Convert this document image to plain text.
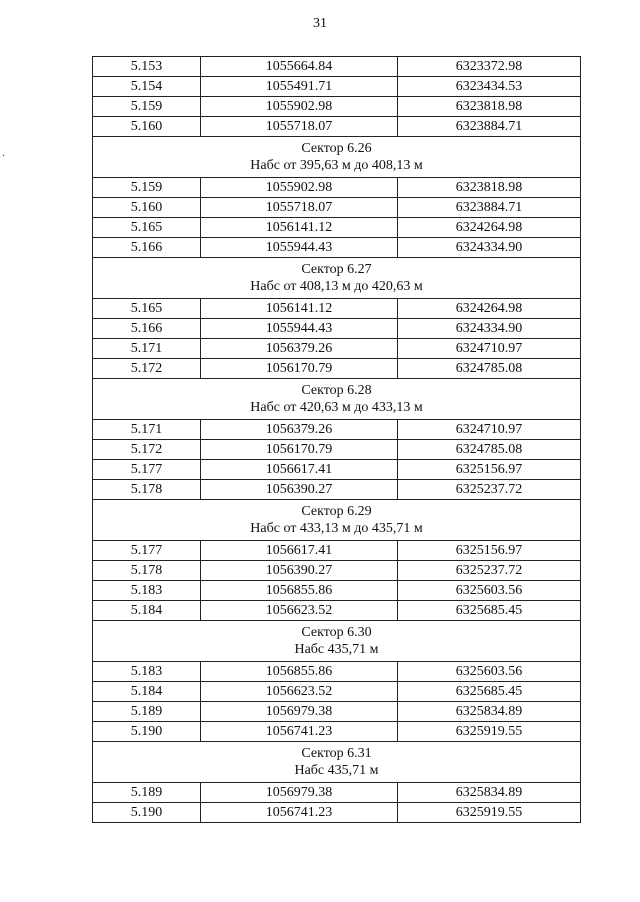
31
.
5.153	1055664.84	6323372.98
5.154	1055491.71	6323434.53
5.159	1055902.98	6323818.98
5.160	1055718.07	6323884.71

Сектор 6.26
Набс от 395,63 м до 408,13 м		

5.159	1055902.98	6323818.98
5.160	1055718.07	6323884.71
5.165	1056141.12	6324264.98
5.166	1055944.43	6324334.90

Сектор 6.27
Набс от 408,13 м до 420,63 м		

5.165	1056141.12	6324264.98
5.166	1055944.43	6324334.90
5.171	1056379.26	6324710.97
5.172	1056170.79	6324785.08

Сектор 6.28
Набс от 420,63 м до 433,13 м		

5.171	1056379.26	6324710.97
5.172	1056170.79	6324785.08
5.177	1056617.41	6325156.97
5.178	1056390.27	6325237.72

Сектор 6.29
Набс от 433,13 м до 435,71 м		

5.177	1056617.41	6325156.97
5.178	1056390.27	6325237.72
5.183	1056855.86	6325603.56
5.184	1056623.52	6325685.45

Сектор 6.30
Набс 435,71 м		

5.183	1056855.86	6325603.56
5.184	1056623.52	6325685.45
5.189	1056979.38	6325834.89
5.190	1056741.23	6325919.55

Сектор 6.31
Набс 435,71 м		

5.189	1056979.38	6325834.89
5.190	1056741.23	6325919.55
